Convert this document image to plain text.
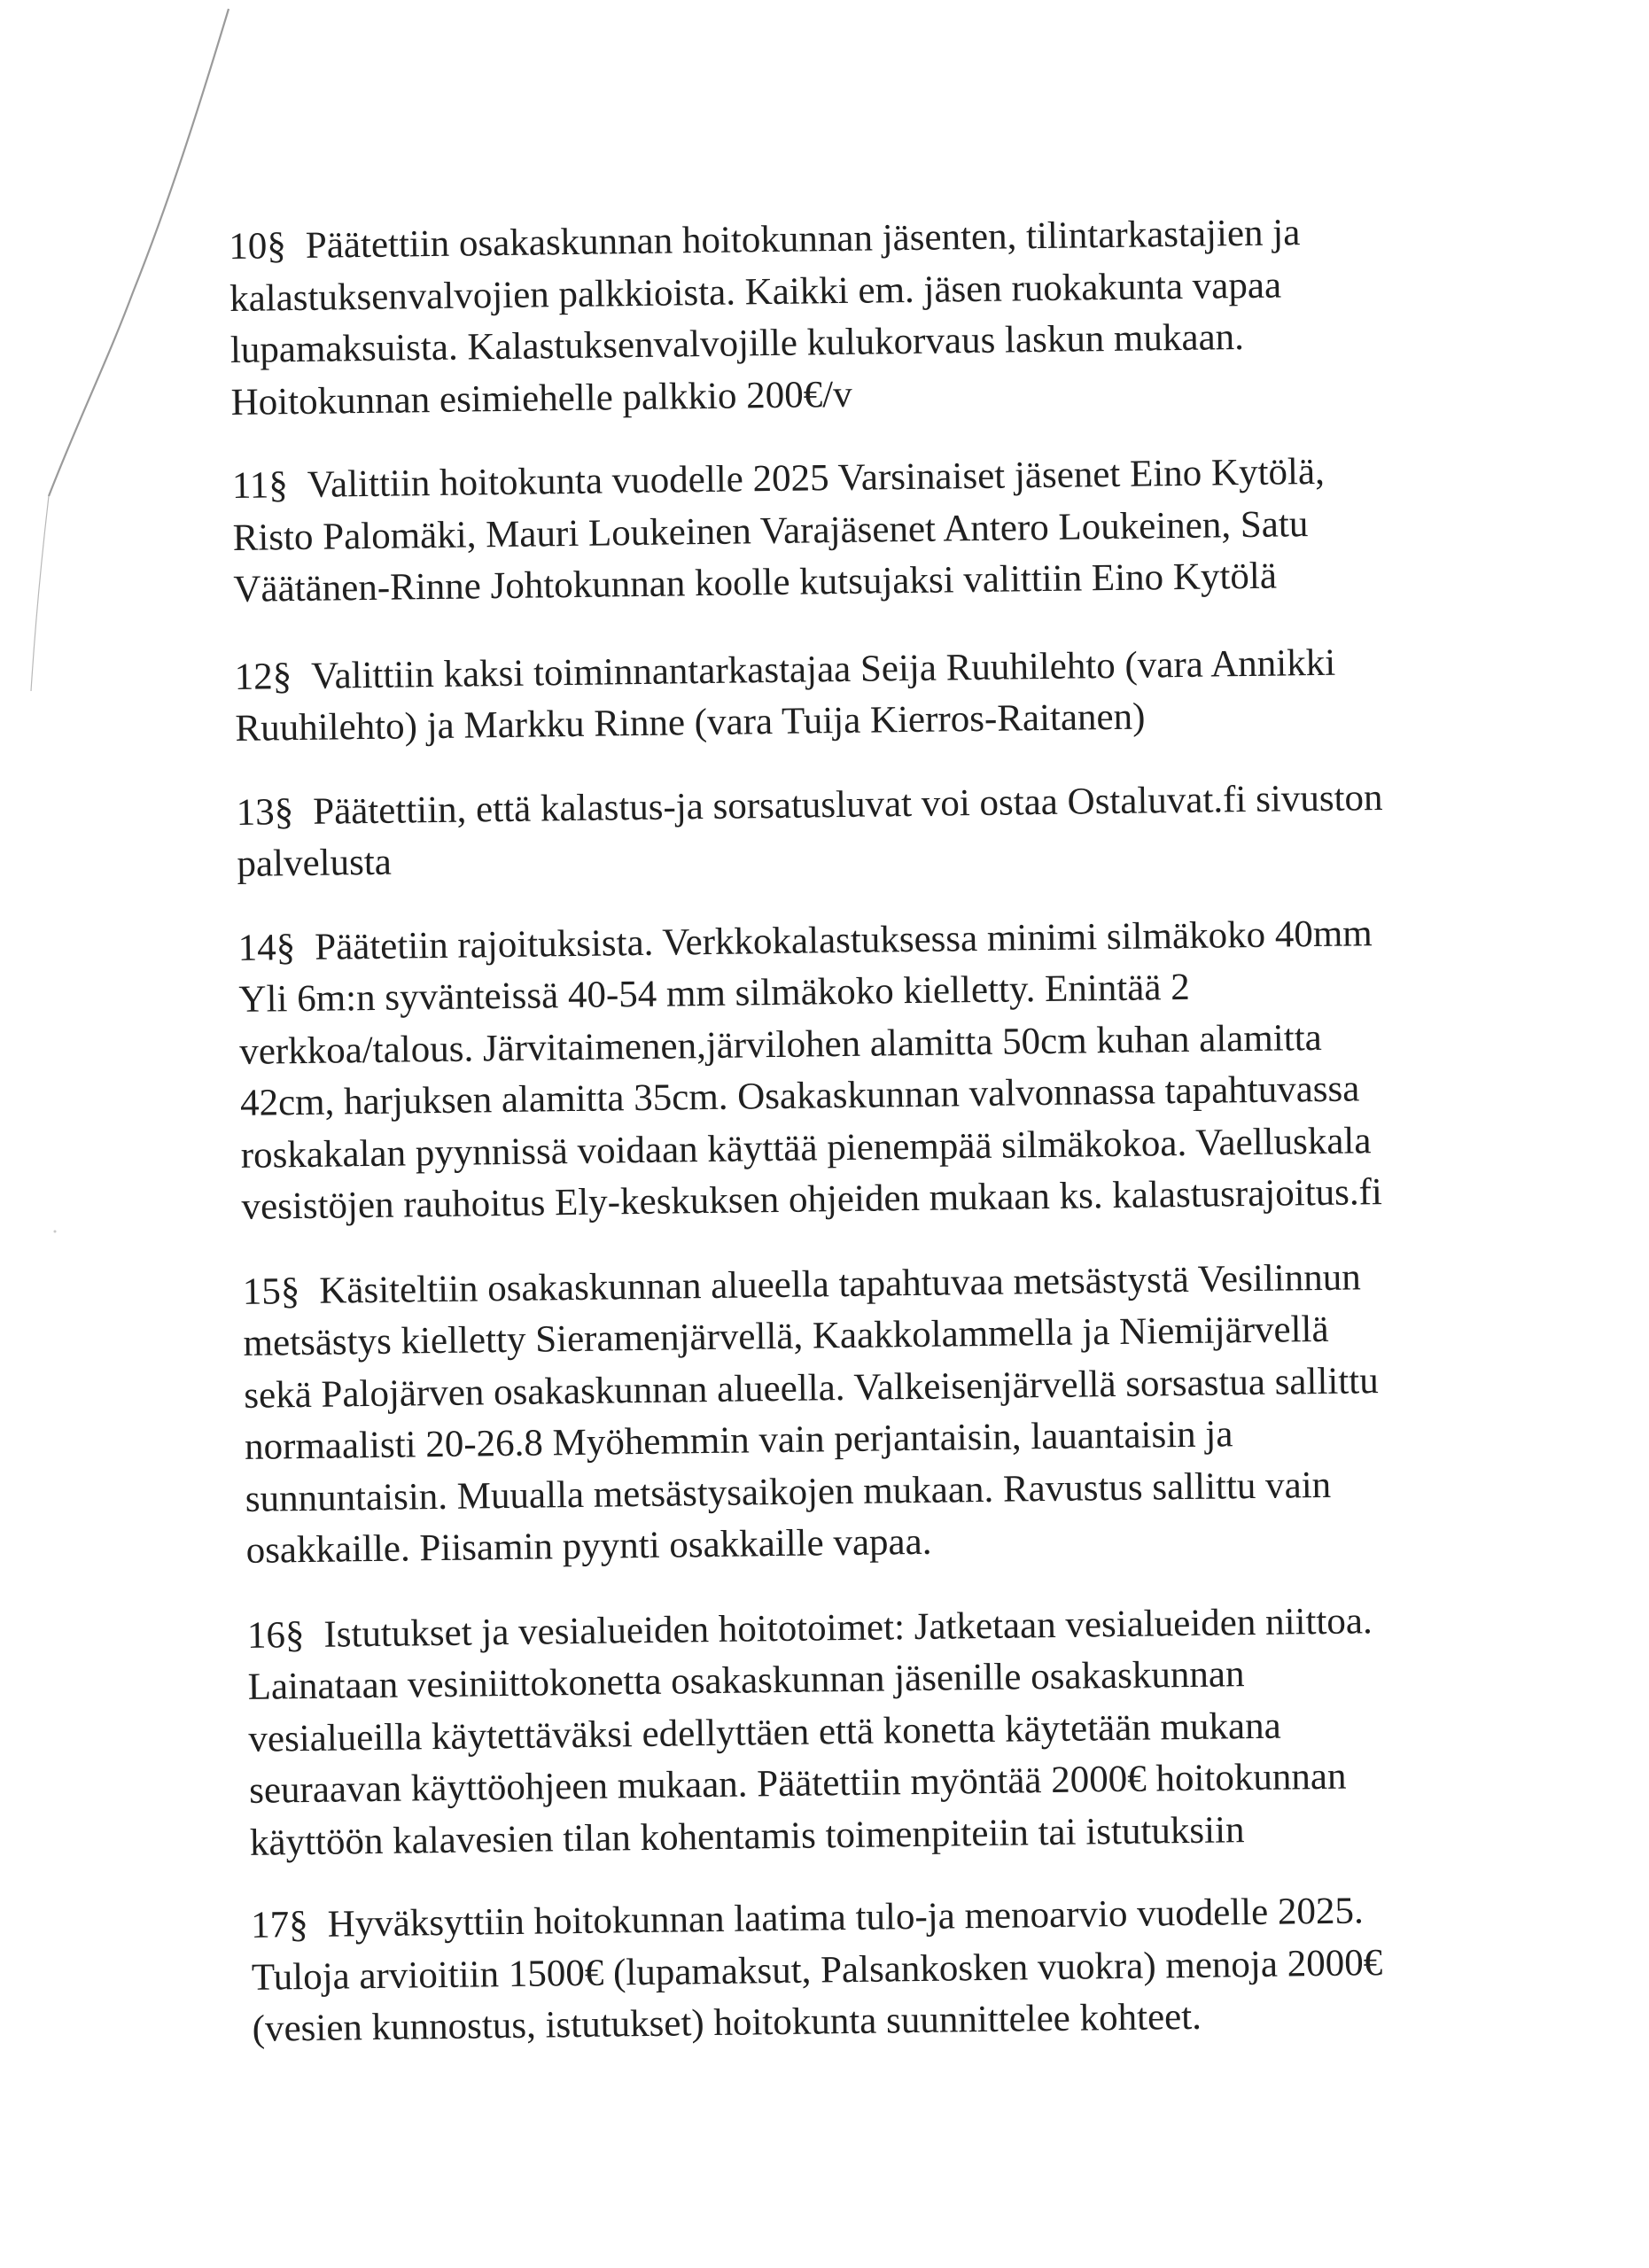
10§ Päätettiin osakaskunnan hoitokunnan jäsenten, tilintarkastajien ja
kalastuksenvalvojien palkkioista. Kaikki em. jäsen ruokakunta vapaa
lupamaksuista. Kalastuksenvalvojille kulukorvaus laskun mukaan.
Hoitokunnan esimiehelle palkkio 200€/v

11§ Valittiin hoitokunta vuodelle 2025 Varsinaiset jäsenet Eino Kytölä,
Risto Palomäki, Mauri Loukeinen Varajäsenet Antero Loukeinen, Satu
Väätänen-Rinne Johtokunnan koolle kutsujaksi valittiin Eino Kytölä

12§ Valittiin kaksi toiminnantarkastajaa Seija Ruuhilehto (vara Annikki
Ruuhilehto) ja Markku Rinne (vara Tuija Kierros-Raitanen)

13§ Päätettiin, että kalastus-ja sorsatusluvat voi ostaa Ostaluvat.fi sivuston
palvelusta

14§ Päätetiin rajoituksista. Verkkokalastuksessa minimi silmäkoko 40mm
Yli 6m:n syvänteissä 40-54 mm silmäkoko kielletty. Enintää 2
verkkoa/talous. Järvitaimenen,järvilohen alamitta 50cm kuhan alamitta
42cm, harjuksen alamitta 35cm. Osakaskunnan valvonnassa tapahtuvassa
roskakalan pyynnissä voidaan käyttää pienempää silmäkokoa. Vaelluskala
vesistöjen rauhoitus Ely-keskuksen ohjeiden mukaan ks. kalastusrajoitus.fi

15§ Käsiteltiin osakaskunnan alueella tapahtuvaa metsästystä Vesilinnun
metsästys kielletty Sieramenjärvellä, Kaakkolammella ja Niemijärvellä
sekä Palojärven osakaskunnan alueella. Valkeisenjärvellä sorsastua sallittu
normaalisti 20-26.8 Myöhemmin vain perjantaisin, lauantaisin ja
sunnuntaisin. Muualla metsästysaikojen mukaan. Ravustus sallittu vain
osakkaille. Piisamin pyynti osakkaille vapaa.

16§ Istutukset ja vesialueiden hoitotoimet: Jatketaan vesialueiden niittoa.
Lainataan vesiniittokonetta osakaskunnan jäsenille osakaskunnan
vesialueilla käytettäväksi edellyttäen että konetta käytetään mukana
seuraavan käyttöohjeen mukaan. Päätettiin myöntää 2000€ hoitokunnan
käyttöön kalavesien tilan kohentamis toimenpiteiin tai istutuksiin

17§ Hyväksyttiin hoitokunnan laatima tulo-ja menoarvio vuodelle 2025.
Tuloja arvioitiin 1500€ (lupamaksut, Palsankosken vuokra) menoja 2000€
(vesien kunnostus, istutukset) hoitokunta suunnittelee kohteet.
